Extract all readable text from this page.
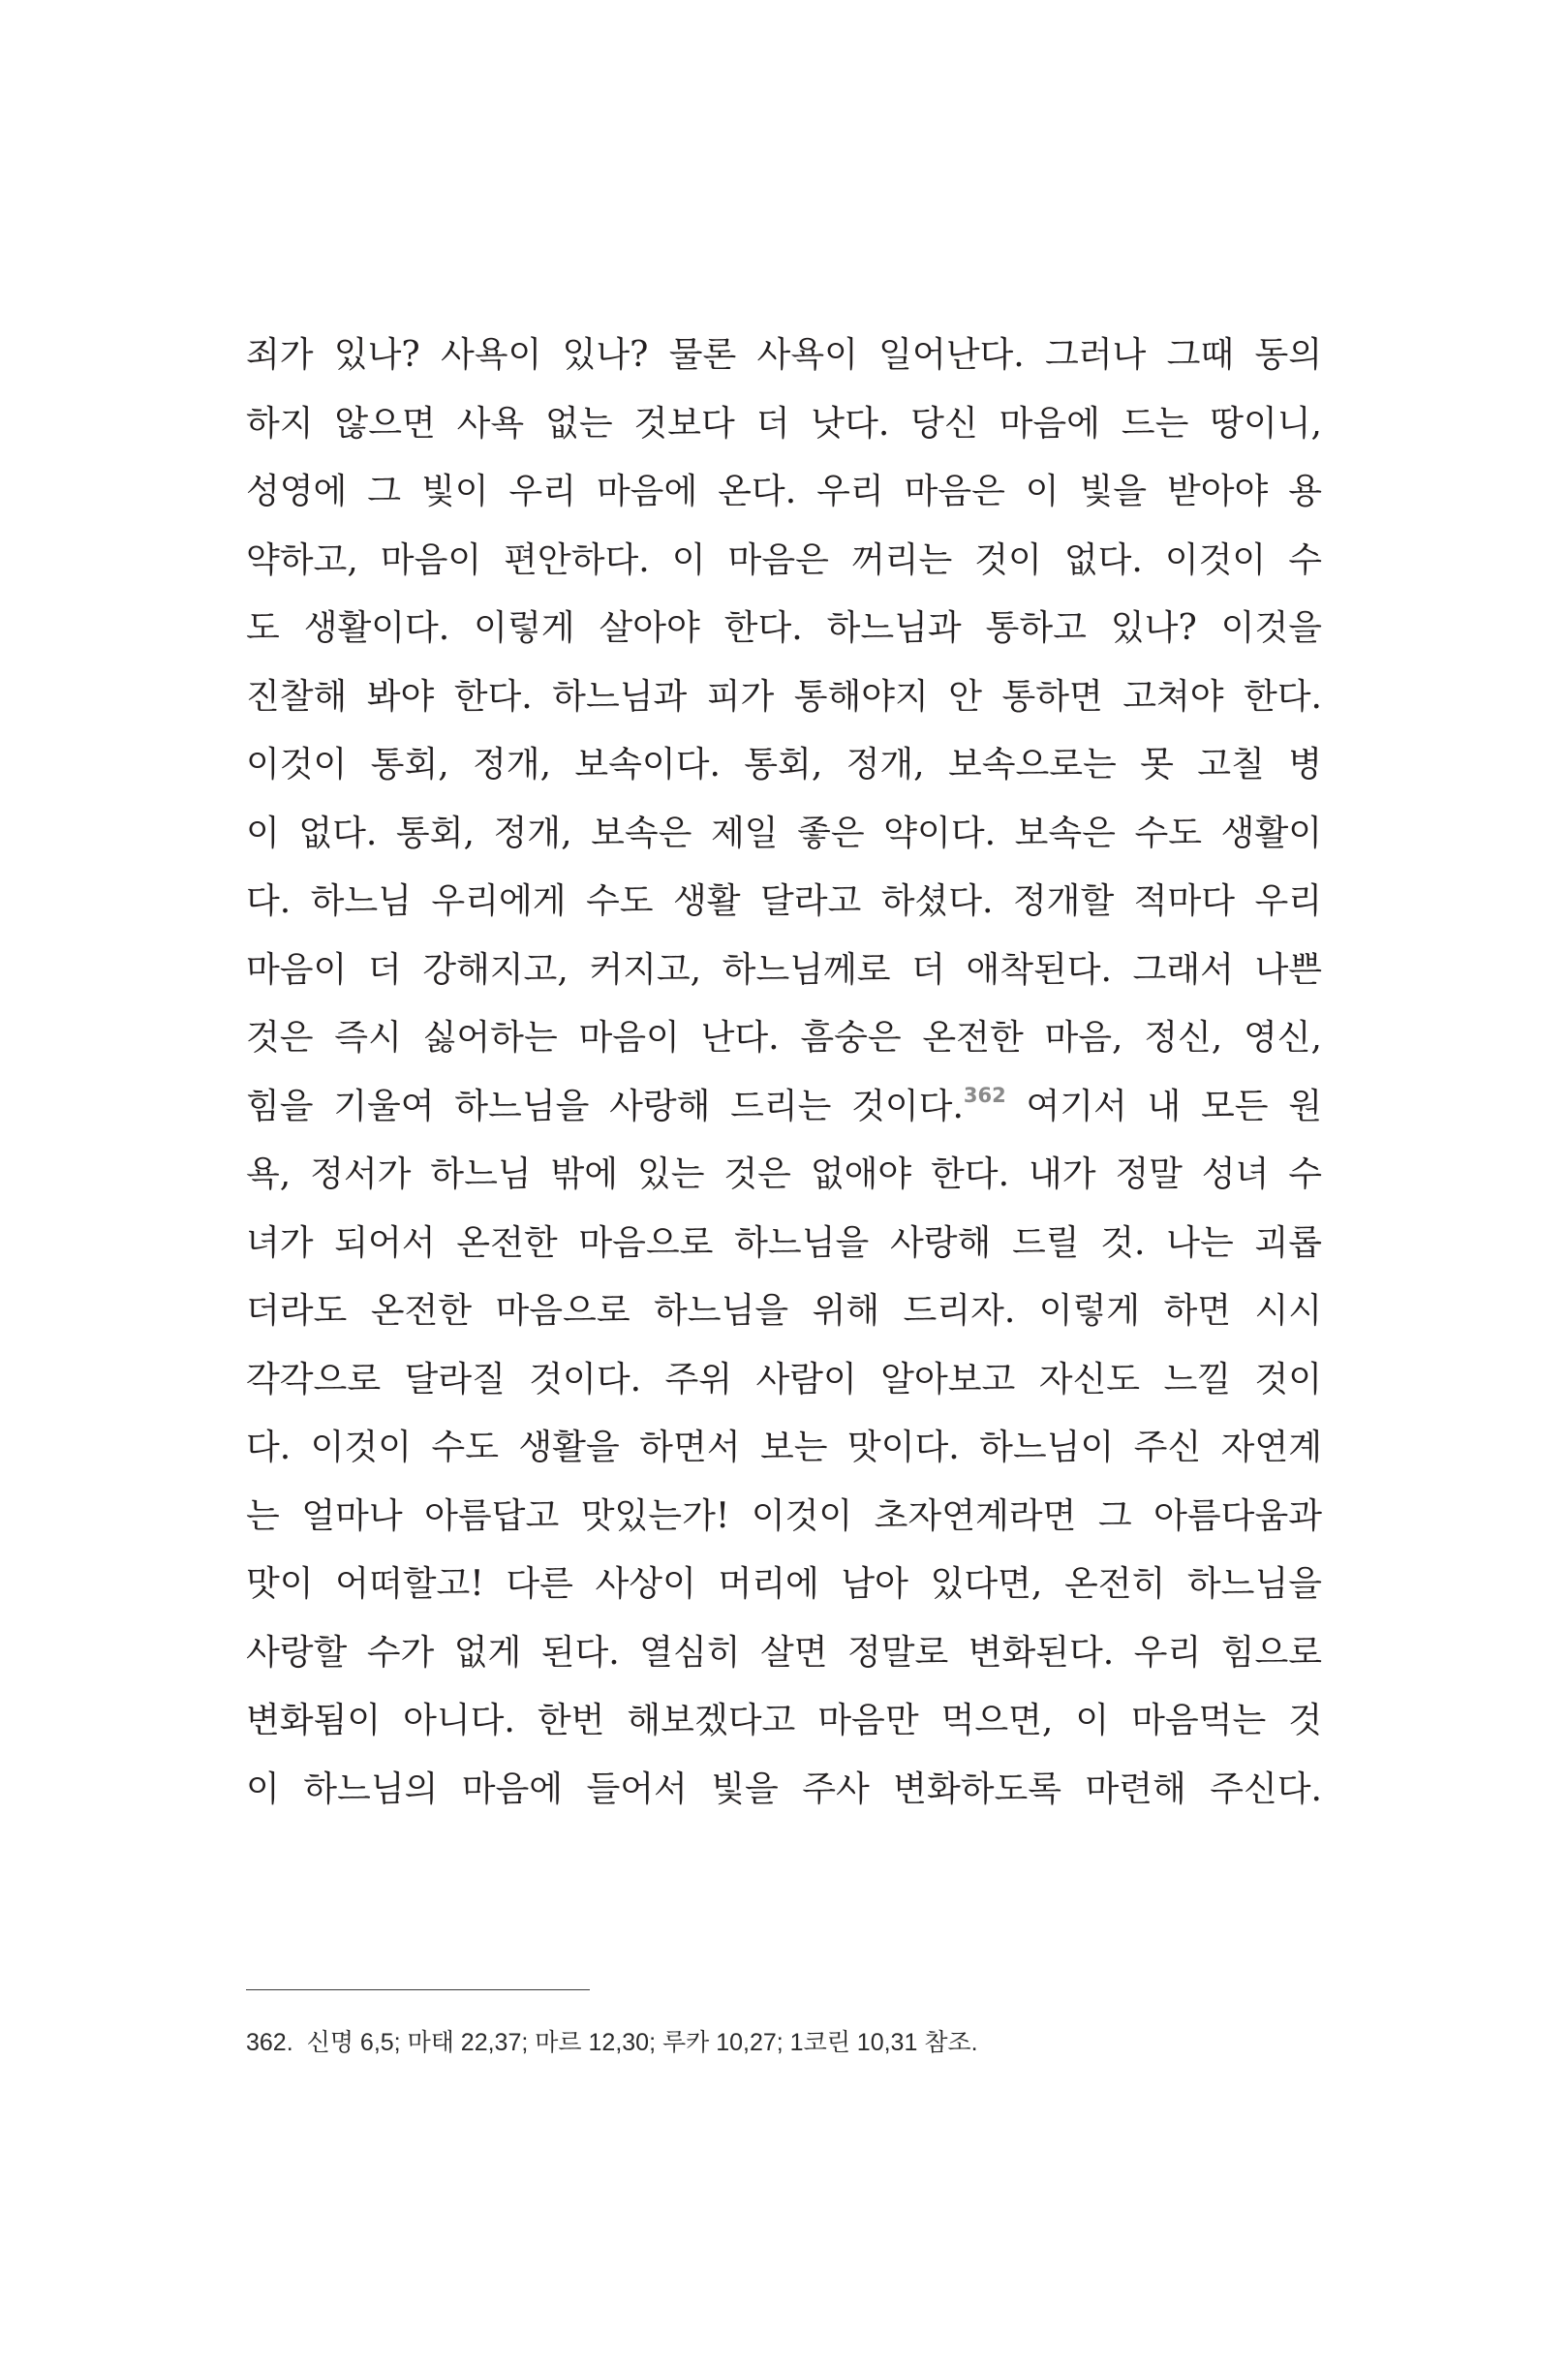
죄가 있나? 사욕이 있나? 물론 사욕이 일어난다. 그러나 그때 동의
하지 않으면 사욕 없는 것보다 더 낫다. 당신 마음에 드는 땅이니,
성영에 그 빛이 우리 마음에 온다. 우리 마음은 이 빛을 받아야 용
약하고, 마음이 편안하다. 이 마음은 꺼리는 것이 없다. 이것이 수
도 생활이다. 이렇게 살아야 한다. 하느님과 통하고 있나? 이것을
진찰해 봐야 한다. 하느님과 피가 통해야지 안 통하면 고쳐야 한다.
이것이 통회, 정개, 보속이다. 통회, 정개, 보속으로는 못 고칠 병
이 없다. 통회, 정개, 보속은 제일 좋은 약이다. 보속은 수도 생활이
다. 하느님 우리에게 수도 생활 달라고 하셨다. 정개할 적마다 우리
마음이 더 강해지고, 커지고, 하느님께로 더 애착된다. 그래서 나쁜
것은 즉시 싫어하는 마음이 난다. 흠숭은 온전한 마음, 정신, 영신,
힘을 기울여 하느님을 사랑해 드리는 것이다.$^{362}$ 여기서 내 모든 원
욕, 정서가 하느님 밖에 있는 것은 없애야 한다. 내가 정말 성녀 수
녀가 되어서 온전한 마음으로 하느님을 사랑해 드릴 것. 나는 괴롭
더라도 온전한 마음으로 하느님을 위해 드리자. 이렇게 하면 시시
각각으로 달라질 것이다. 주위 사람이 알아보고 자신도 느낄 것이
다. 이것이 수도 생활을 하면서 보는 맛이다. 하느님이 주신 자연계
는 얼마나 아름답고 맛있는가! 이것이 초자연계라면 그 아름다움과
맛이 어떠할고! 다른 사상이 머리에 남아 있다면, 온전히 하느님을
사랑할 수가 없게 된다. 열심히 살면 정말로 변화된다. 우리 힘으로
변화됨이 아니다. 한번 해보겠다고 마음만 먹으면, 이 마음먹는 것
이 하느님의 마음에 들어서 빛을 주사 변화하도록 마련해 주신다.
362. 신명 6,5; 마태 22,37; 마르 12,30; 루카 10,27; 1코린 10,31 참조.
